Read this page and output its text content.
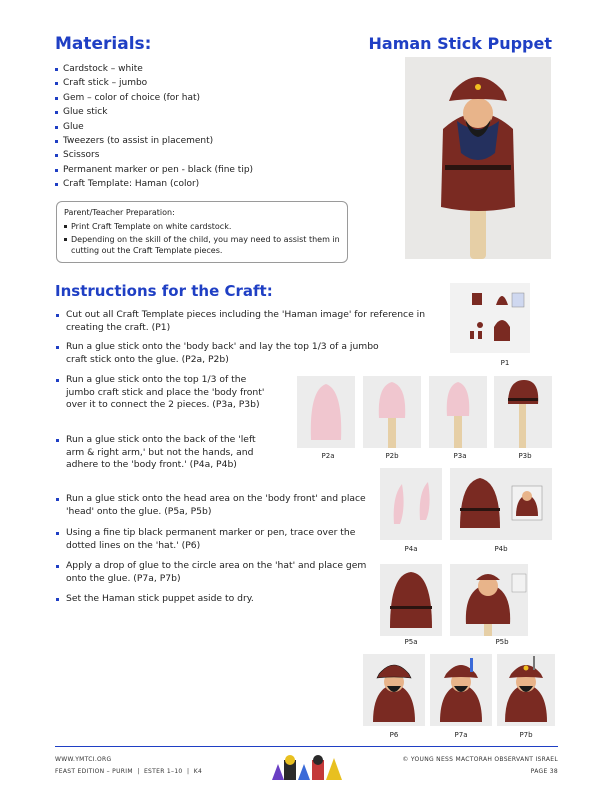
Materials:	Haman Stick Puppet
Cardstock – white
Craft stick – jumbo
Gem – color of choice (for hat)
Glue stick
Glue
Tweezers (to assist in placement)
Scissors
Permanent marker or pen - black (fine tip)
Craft Template: Haman (color)
Parent/Teacher Preparation:
Print Craft Template on white cardstock.
Depending on the skill of the child, you may need to assist them in cutting out the Craft Template pieces.
Instructions for the Craft:
Cut out all Craft Template pieces including the 'Haman image' for reference in creating the craft. (P1)
Run a glue stick onto the 'body back' and lay the top 1/3 of a jumbo craft stick onto the glue. (P2a, P2b)
Run a glue stick onto the top 1/3 of the jumbo craft stick and place the 'body front' over it to connect the 2 pieces. (P3a, P3b)
Run a glue stick onto the back of the 'left arm & right arm,' but not the hands, and adhere to the 'body front.' (P4a, P4b)
Run a glue stick onto the head area on the 'body front' and place 'head' onto the glue. (P5a, P5b)
Using a fine tip black permanent marker or pen, trace over the dotted lines on the 'hat.' (P6)
Apply a drop of glue to the circle area on the 'hat' and place gem onto the glue. (P7a, P7b)
Set the Haman stick puppet aside to dry.
P1
P2a	P2b	P3a	P3b
P4a	P4b
P5a	P5b
P6	P7a	P7b
WWW.YMTCI.ORG
FEAST EDITION – PURIM  |  ESTER 1–10  |  K4
© YOUNG NESS MACTORAH OBSERVANT ISRAEL
PAGE 38
